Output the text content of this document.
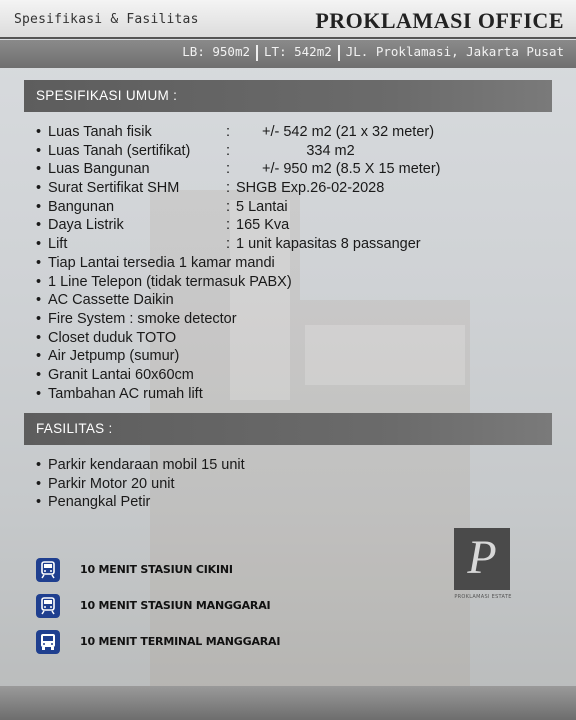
Spesifikasi & Fasilitas	PROKLAMASI OFFICE
LB: 950m2 LT: 542m2 JL. Proklamasi, Jakarta Pusat
SPESIFIKASI UMUM :
• Luas Tanah fisik	: +/- 542 m2 (21 x 32 meter)
• Luas Tanah (sertifikat) : 334 m2
• Luas Bangunan	: +/- 950 m2 (8.5 X 15 meter)
• Surat Sertifikat SHM	: SHGB Exp.26-02-2028
• Bangunan	: 5 Lantai
• Daya Listrik	: 165 Kva
• Lift	: 1 unit kapasitas 8 passanger
• Tiap Lantai tersedia 1 kamar mandi
• 1 Line Telepon (tidak termasuk PABX)
• AC Cassette Daikin
• Fire System : smoke detector
• Closet duduk TOTO
• Air Jetpump (sumur)
• Granit Lantai 60x60cm
• Tambahan AC rumah lift
FASILITAS :
• Parkir kendaraan mobil 15 unit
• Parkir Motor 20 unit
• Penangkal Petir
10 MENIT STASIUN CIKINI
10 MENIT STASIUN MANGGARAI
10 MENIT TERMINAL MANGGARAI
P
PROKLAMASI ESTATE
